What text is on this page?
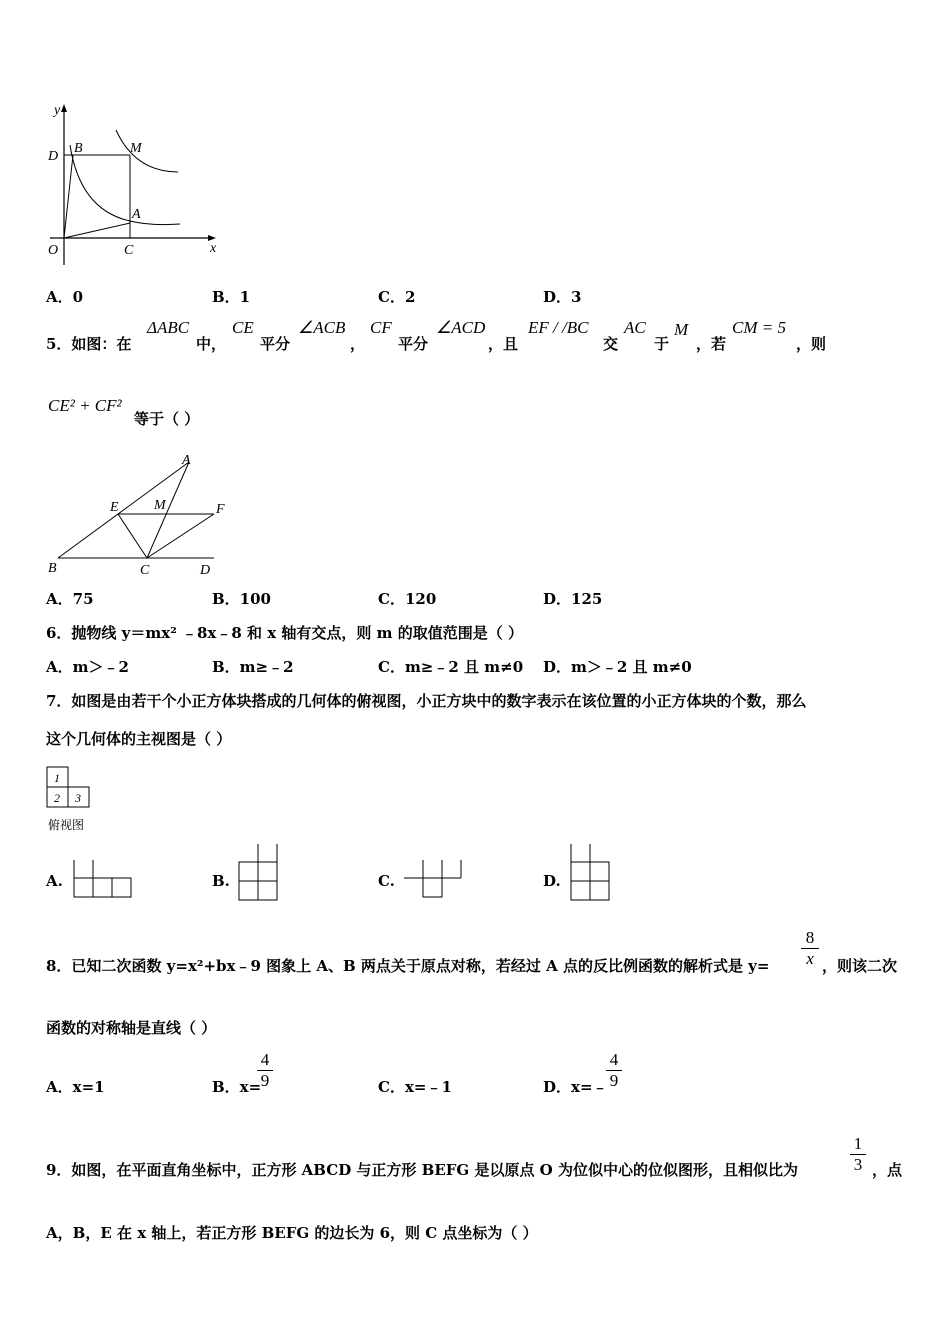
y
x
D
B	M
A
O	C
A．0	B．1	C．2	D．3
5．如图：在
ΔABC
中，
CE
平分
∠ACB
，
CF
平分
∠ACD
，且
EF / /BC
交
AC
于
M
，若
CM = 5
，则
CE² + CF²
等于（ ）
A
E	M	F
B	C	D
A．75	B．100	C．120	D．125
6．抛物线 y＝mx² ﹣8x﹣8 和 x 轴有交点，则 m 的取值范围是（ ）
A．m＞﹣2	B．m≥﹣2	C．m≥﹣2 且 m≠0 D．m＞﹣2 且 m≠0
7．如图是由若干个小正方体块搭成的几何体的俯视图，小正方块中的数字表示在该位置的小正方体块的个数，那么
这个几何体的主视图是（ ）
1
2 3
俯视图
A.	B.	C.	D.
8．已知二次函数 y=x²+bx﹣9 图象上 A、B 两点关于原点对称，若经过 A 点的反比例函数的解析式是 $y= \frac{8}{x}$ ，则该二次
函数的对称轴是直线（ ）
A．x=1	B．x=
$\frac{4}{9}$	C．x=﹣1	D．x=﹣
$\frac{4}{9}$
9．如图，在平面直角坐标中，正方形 ABCD 与正方形 BEFG 是以原点 O 为位似中心的位似图形，且相似比为	$\frac{1}{3}$ ，点
A，B，E 在 x 轴上，若正方形 BEFG 的边长为 6，则 C 点坐标为（ ）
